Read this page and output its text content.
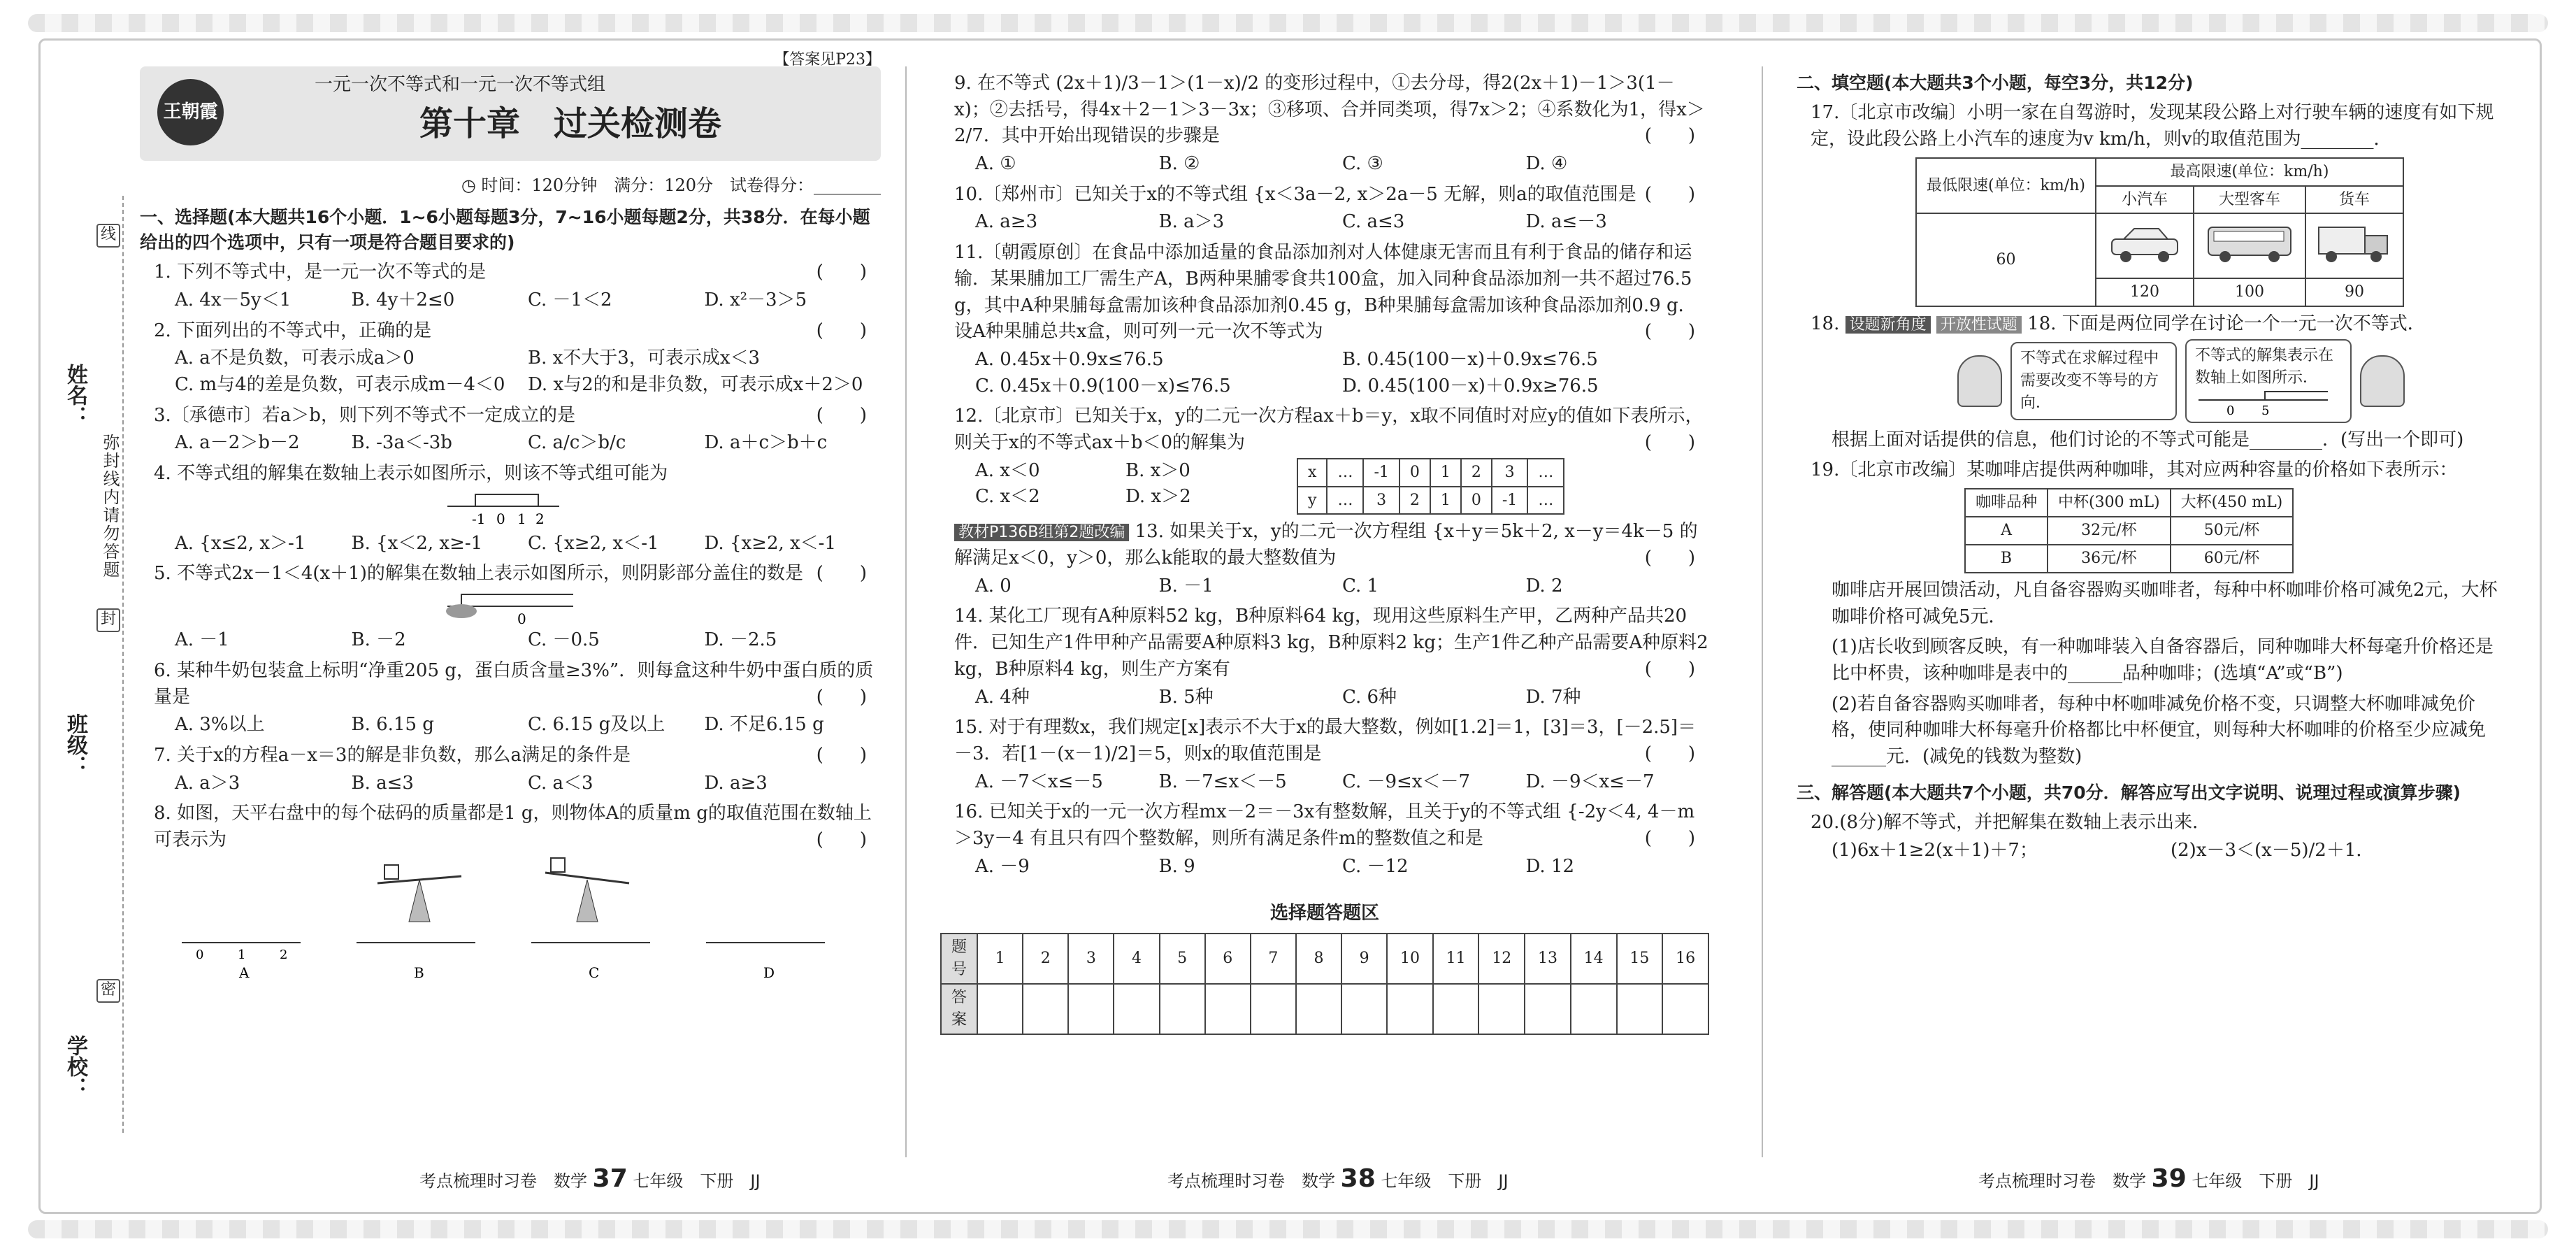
姓名：
班级：
学校：
弥封线内请勿答题
线
封
密
【答案见P23】
王朝霞
一元一次不等式和一元一次不等式组
第十章　过关检测卷
◷ 时间：120分钟　满分：120分　试卷得分：________
一、选择题(本大题共16个小题．1~6小题每题3分，7~16小题每题2分，共38分．在每小题给出的四个选项中，只有一项是符合题目要求的)
1. 下列不等式中，是一元一次不等式的是	(　　)
A. 4x－5y＜1	B. 4y＋2≤0	C. －1＜2	D. x²－3＞5
2. 下面列出的不等式中，正确的是	(　　)
A. a不是负数，可表示成a＞0	B. x不大于3，可表示成x＜3
C. m与4的差是负数，可表示成m－4＜0	D. x与2的和是非负数，可表示成x＋2＞0
3.〔承德市〕若a＞b，则下列不等式不一定成立的是	(　　)
A. a－2＞b－2	B. -3a＜-3b	C. a/c＞b/c	D. a＋c＞b＋c
4. 不等式组的解集在数轴上表示如图所示，则该不等式组可能为
-1 0 1 2
A. {x≤2, x＞-1	B. {x＜2, x≥-1	C. {x≥2, x＜-1	D. {x≥2, x＜-1
5. 不等式2x－1＜4(x＋1)的解集在数轴上表示如图所示，则阴影部分盖住的数是 (　　)
0
A. －1	B. －2	C. －0.5	D. －2.5
6. 某种牛奶包装盒上标明“净重205 g，蛋白质含量≥3%”．则每盒这种牛奶中蛋白质的质量是	(　　)
A. 3%以上	B. 6.15 g	C. 6.15 g及以上	D. 不足6.15 g
7. 关于x的方程a－x＝3的解是非负数，那么a满足的条件是	(　　)
A. a＞3	B. a≤3	C. a＜3	D. a≥3
8. 如图，天平右盘中的每个砝码的质量都是1 g，则物体A的质量m g的取值范围在数轴上可表示为	(　　)
0	1	2
A	B	C	D
9. 在不等式 (2x＋1)/3－1＞(1－x)/2 的变形过程中，①去分母，得2(2x＋1)－1＞3(1－x)；②去括号，得4x＋2－1＞3－3x；③移项、合并同类项，得7x＞2；④系数化为1，得x＞2/7．其中开始出现错误的步骤是	(　　)
A. ①	B. ②	C. ③	D. ④
10.〔郑州市〕已知关于x的不等式组 {x＜3a－2, x＞2a－5 无解，则a的取值范围是 (　　)
A. a≥3	B. a＞3	C. a≤3	D. a≤－3
11.〔朝霞原创〕在食品中添加适量的食品添加剂对人体健康无害而且有利于食品的储存和运输．某果脯加工厂需生产A，B两种果脯零食共100盒，加入同种食品添加剂一共不超过76.5 g，其中A种果脯每盒需加该种食品添加剂0.45 g，B种果脯每盒需加该种食品添加剂0.9 g．设A种果脯总共x盒，则可列一元一次不等式为	(　　)
A. 0.45x＋0.9x≤76.5	B. 0.45(100－x)＋0.9x≤76.5
C. 0.45x＋0.9(100－x)≤76.5	D. 0.45(100－x)＋0.9x≥76.5
12.〔北京市〕已知关于x，y的二元一次方程ax＋b＝y，x取不同值时对应y的值如下表所示，则关于x的不等式ax＋b＜0的解集为	(　　)
A. x＜0	B. x＞0
C. x＜2	D. x＞2
x	…	-1	0	1	2	3	…
y	…	3	2	1	0	-1	…
教材P136B组第2题改编 13. 如果关于x，y的二元一次方程组 {x＋y＝5k＋2, x－y＝4k－5 的解满足x＜0，y＞0，那么k能取的最大整数值为	(　　)
A. 0	B. －1	C. 1	D. 2
14. 某化工厂现有A种原料52 kg，B种原料64 kg，现用这些原料生产甲，乙两种产品共20件．已知生产1件甲种产品需要A种原料3 kg，B种原料2 kg；生产1件乙种产品需要A种原料2 kg，B种原料4 kg，则生产方案有	(　　)
A. 4种	B. 5种	C. 6种	D. 7种
15. 对于有理数x，我们规定[x]表示不大于x的最大整数，例如[1.2]＝1，[3]＝3，[－2.5]＝－3．若[1－(x－1)/2]＝5，则x的取值范围是	(　　)
A. －7＜x≤－5	B. －7≤x＜－5	C. －9≤x＜－7	D. －9＜x≤－7
16. 已知关于x的一元一次方程mx－2＝－3x有整数解，且关于y的不等式组 {-2y＜4, 4－m＞3y－4 有且只有四个整数解，则所有满足条件m的整数值之和是	(　　)
A. －9	B. 9	C. －12	D. 12
选择题答题区
题号	1	2	3	4	5	6	7	8	9	10	11	12	13	14	15	16
答案																
二、填空题(本大题共3个小题，每空3分，共12分)
17.〔北京市改编〕小明一家在自驾游时，发现某段公路上对行驶车辆的速度有如下规定，设此段公路上小汽车的速度为v km/h，则v的取值范围为________．
最低限速(单位：km/h)	最高限速(单位：km/h)		
	小汽车	大型客车	货车
60			
	120	100	90
18. 设题新角度 开放性试题 18. 下面是两位同学在讨论一个一元一次不等式．
不等式在求解过程中需要改变不等号的方向．
不等式的解集表示在数轴上如图所示．
0 5
根据上面对话提供的信息，他们讨论的不等式可能是________．(写出一个即可)
19.〔北京市改编〕某咖啡店提供两种咖啡，其对应两种容量的价格如下表所示：
咖啡品种	中杯(300 mL)	大杯(450 mL)
A	32元/杯	50元/杯
B	36元/杯	60元/杯
咖啡店开展回馈活动，凡自备容器购买咖啡者，每种中杯咖啡价格可减免2元，大杯咖啡价格可减免5元．
(1)店长收到顾客反映，有一种咖啡装入自备容器后，同种咖啡大杯每毫升价格还是比中杯贵，该种咖啡是表中的______品种咖啡；(选填“A”或“B”)
(2)若自备容器购买咖啡者，每种中杯咖啡减免价格不变，只调整大杯咖啡减免价格，使同种咖啡大杯每毫升价格都比中杯便宜，则每种大杯咖啡的价格至少应减免______元．(减免的钱数为整数)
三、解答题(本大题共7个小题，共70分．解答应写出文字说明、说理过程或演算步骤)
20.(8分)解不等式，并把解集在数轴上表示出来．
(1)6x＋1≥2(x＋1)＋7；	(2)x－3＜(x－5)/2＋1．
考点梳理时习卷　数学 37 七年级　下册　JJ	考点梳理时习卷　数学 38 七年级　下册　JJ	考点梳理时习卷　数学 39 七年级　下册　JJ
